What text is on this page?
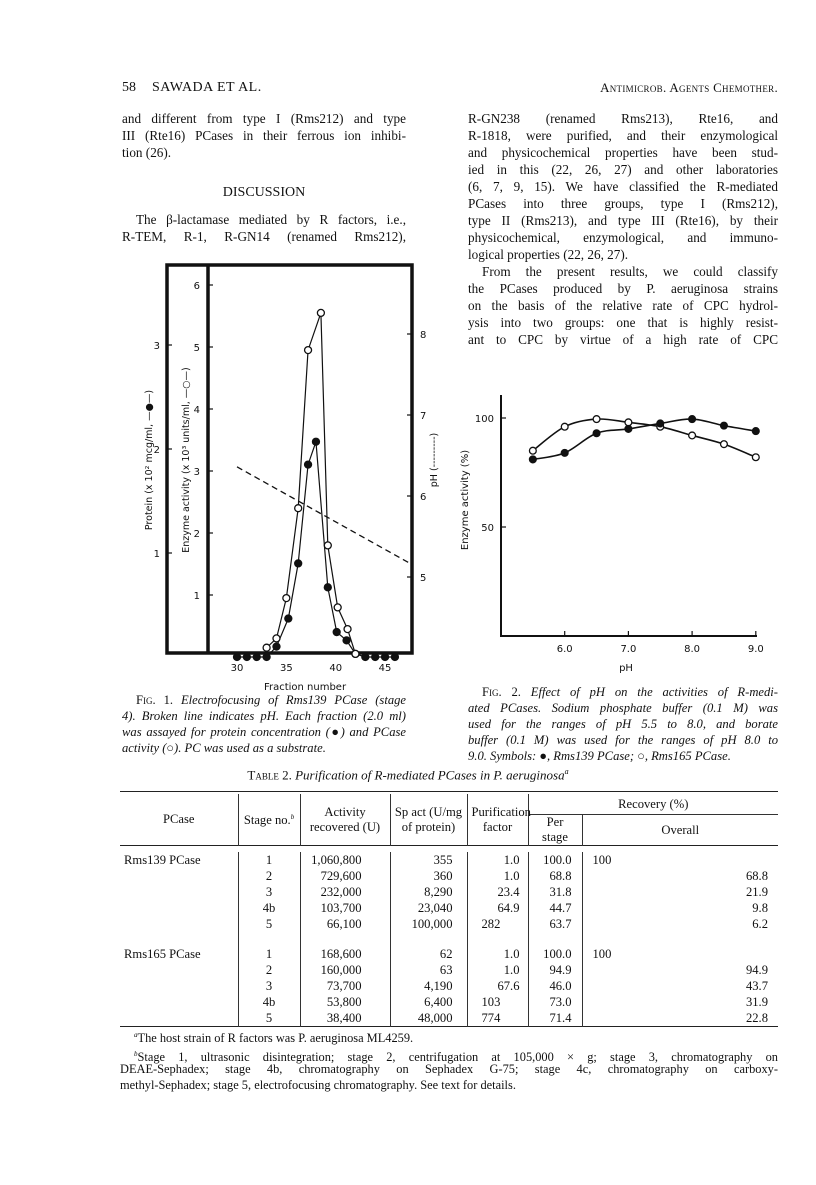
58 SAWADA ET AL.	Antimicrob. Agents Chemother.
and different from type I (Rms212) and type
III (Rte16) PCases in their ferrous ion inhibi-
tion (26).
DISCUSSION
The β-lactamase mediated by R factors, i.e.,
R-TEM, R-1, R-GN14 (renamed Rms212),
R-GN238 (renamed Rms213), Rte16, and
R-1818, were purified, and their enzymological
and physicochemical properties have been stud-
ied in this (22, 26, 27) and other laboratories
(6, 7, 9, 15). We have classified the R-mediated
PCases into three groups, type I (Rms212),
type II (Rms213), and type III (Rte16), by their
physicochemical, enzymological, and immuno-
logical properties (22, 26, 27).
From the present results, we could classify
the PCases produced by P. aeruginosa strains
on the basis of the relative rate of CPC hydrol-
ysis into two groups: one that is highly resist-
ant to CPC by virtue of a high rate of CPC
1
2
3
4
5
6
1
2
3
5
6
7
8
30	35	40	45
Fraction number
Protein (x 10² mcg/ml, —●—)	Enzyme activity (x 10³ units/ml, —○—)	pH (---------)
50
100
6.0	7.0	8.0	9.0
pH
Enzyme activity (%)
Fig. 1. Electrofocusing of Rms139 PCase (stage
4). Broken line indicates pH. Each fraction (2.0 ml)
was assayed for protein concentration (●) and PCase
activity (○). PC was used as a substrate.
Fig. 2. Effect of pH on the activities of R-medi-
ated PCases. Sodium phosphate buffer (0.1 M) was
used for the ranges of pH 5.5 to 8.0, and borate
buffer (0.1 M) was used for the ranges of pH 8.0 to
9.0. Symbols: ●, Rms139 PCase; ○, Rms165 PCase.
Table 2. Purification of R-mediated PCases in P. aeruginosa$^a$
PCase	Stage no.$^b$	Activity recovered (U)	Sp act (U/mg of protein)	Purification factor	Recovery (%)	
					Per stage	Overall

Rms139 PCase	1	1,060,800	355	1.0	100.0	100
	2	729,600	360	1.0	68.8	68.8
	3	232,000	8,290	23.4	31.8	21.9
	4b	103,700	23,040	64.9	44.7	9.8
	5	66,100	100,000	282	63.7	6.2

Rms165 PCase	1	168,600	62	1.0	100.0	100
	2	160,000	63	1.0	94.9	94.9
	3	73,700	4,190	67.6	46.0	43.7
	4b	53,800	6,400	103	73.0	31.9
	5	38,400	48,000	774	71.4	22.8

$^a$The host strain of R factors was P. aeruginosa ML4259.
$^b$Stage 1, ultrasonic disintegration; stage 2, centrifugation at 105,000 × g; stage 3, chromatography on
DEAE-Sephadex; stage 4b, chromatography on Sephadex G-75; stage 4c, chromatography on carboxy-
methyl-Sephadex; stage 5, electrofocusing chromatography. See text for details.
